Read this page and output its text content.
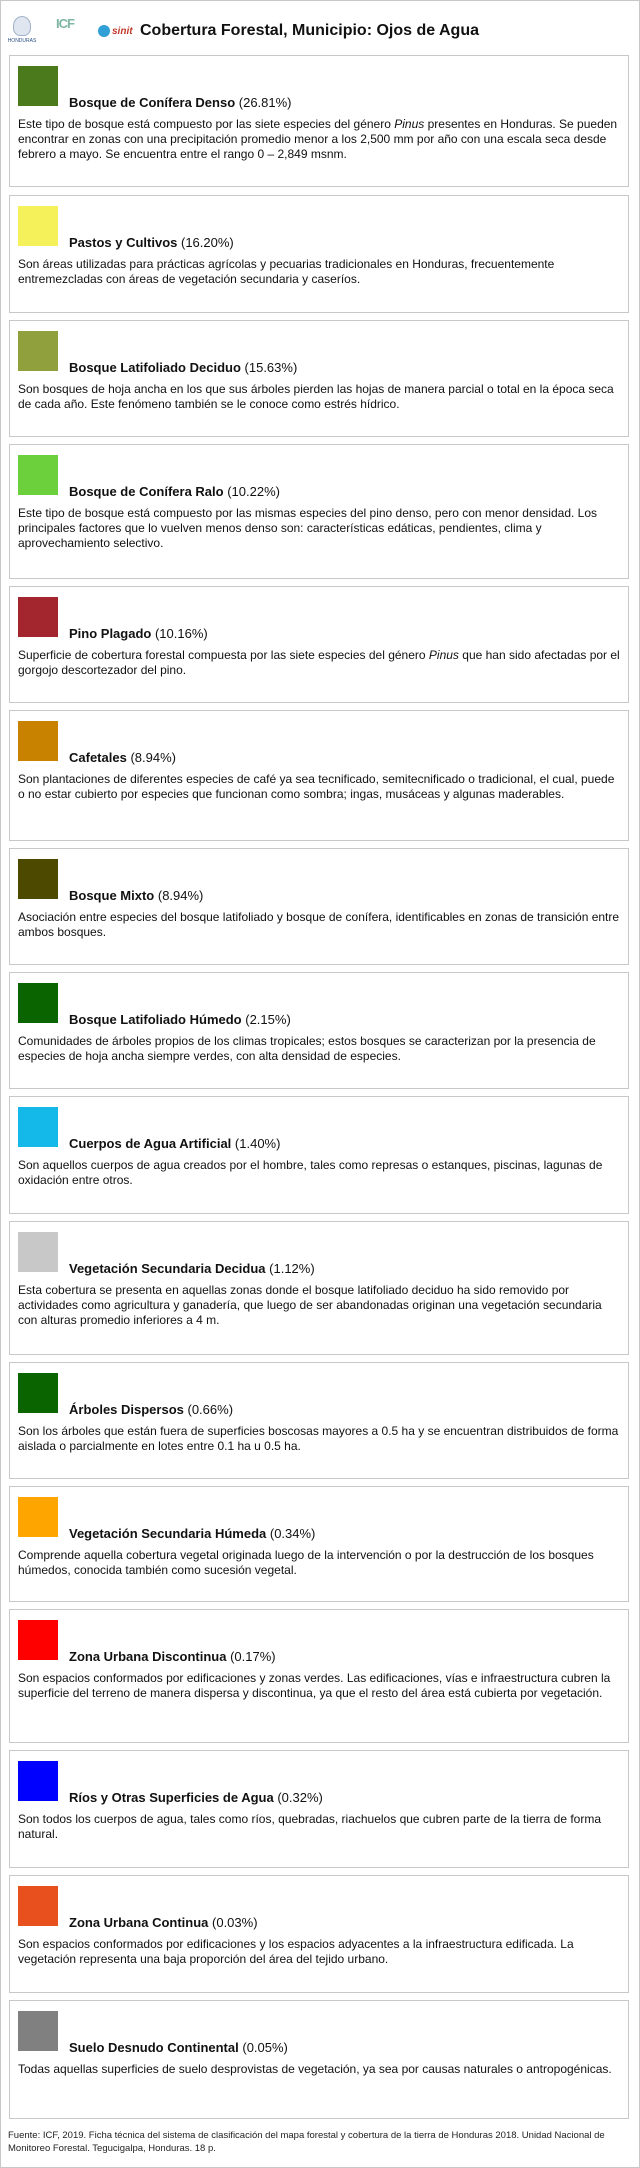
HONDURAS
ICF	sinit Cobertura Forestal, Municipio: Ojos de Agua
Bosque de Conífera Denso (26.81%)
Este tipo de bosque está compuesto por las siete especies del género Pinus presentes en Honduras. Se pueden encontrar en zonas con una precipitación promedio menor a los 2,500 mm por año con una escala seca desde febrero a mayo. Se encuentra entre el rango 0 – 2,849 msnm.
Pastos y Cultivos (16.20%)
Son áreas utilizadas para prácticas agrícolas y pecuarias tradicionales en Honduras, frecuentemente entremezcladas con áreas de vegetación secundaria y caseríos.
Bosque Latifoliado Deciduo (15.63%)
Son bosques de hoja ancha en los que sus árboles pierden las hojas de manera parcial o total en la época seca de cada año. Este fenómeno también se le conoce como estrés hídrico.
Bosque de Conífera Ralo (10.22%)
Este tipo de bosque está compuesto por las mismas especies del pino denso, pero con menor densidad. Los principales factores que lo vuelven menos denso son: características edáticas, pendientes, clima y aprovechamiento selectivo.
Pino Plagado (10.16%)
Superficie de cobertura forestal compuesta por las siete especies del género Pinus que han sido afectadas por el gorgojo descortezador del pino.
Cafetales (8.94%)
Son plantaciones de diferentes especies de café ya sea tecnificado, semitecnificado o tradicional, el cual, puede o no estar cubierto por especies que funcionan como sombra; ingas, musáceas y algunas maderables.
Bosque Mixto (8.94%)
Asociación entre especies del bosque latifoliado y bosque de conífera, identificables en zonas de transición entre ambos bosques.
Bosque Latifoliado Húmedo (2.15%)
Comunidades de árboles propios de los climas tropicales; estos bosques se caracterizan por la presencia de especies de hoja ancha siempre verdes, con alta densidad de especies.
Cuerpos de Agua Artificial (1.40%)
Son aquellos cuerpos de agua creados por el hombre, tales como represas o estanques, piscinas, lagunas de oxidación entre otros.
Vegetación Secundaria Decidua (1.12%)
Esta cobertura se presenta en aquellas zonas donde el bosque latifoliado deciduo ha sido removido por actividades como agricultura y ganadería, que luego de ser abandonadas originan una vegetación secundaria con alturas promedio inferiores a 4 m.
Árboles Dispersos (0.66%)
Son los árboles que están fuera de superficies boscosas mayores a 0.5 ha y se encuentran distribuidos de forma aislada o parcialmente en lotes entre 0.1 ha u 0.5 ha.
Vegetación Secundaria Húmeda (0.34%)
Comprende aquella cobertura vegetal originada luego de la intervención o por la destrucción de los bosques húmedos, conocida también como sucesión vegetal.
Zona Urbana Discontinua (0.17%)
Son espacios conformados por edificaciones y zonas verdes. Las edificaciones, vías e infraestructura cubren la superficie del terreno de manera dispersa y discontinua, ya que el resto del área está cubierta por vegetación.
Ríos y Otras Superficies de Agua (0.32%)
Son todos los cuerpos de agua, tales como ríos, quebradas, riachuelos que cubren parte de la tierra de forma natural.
Zona Urbana Continua (0.03%)
Son espacios conformados por edificaciones y los espacios adyacentes a la infraestructura edificada. La vegetación representa una baja proporción del área del tejido urbano.
Suelo Desnudo Continental (0.05%)
Todas aquellas superficies de suelo desprovistas de vegetación, ya sea por causas naturales o antropogénicas.
Fuente: ICF, 2019. Ficha técnica del sistema de clasificación del mapa forestal y cobertura de la tierra de Honduras 2018. Unidad Nacional de Monitoreo Forestal. Tegucigalpa, Honduras. 18 p.
